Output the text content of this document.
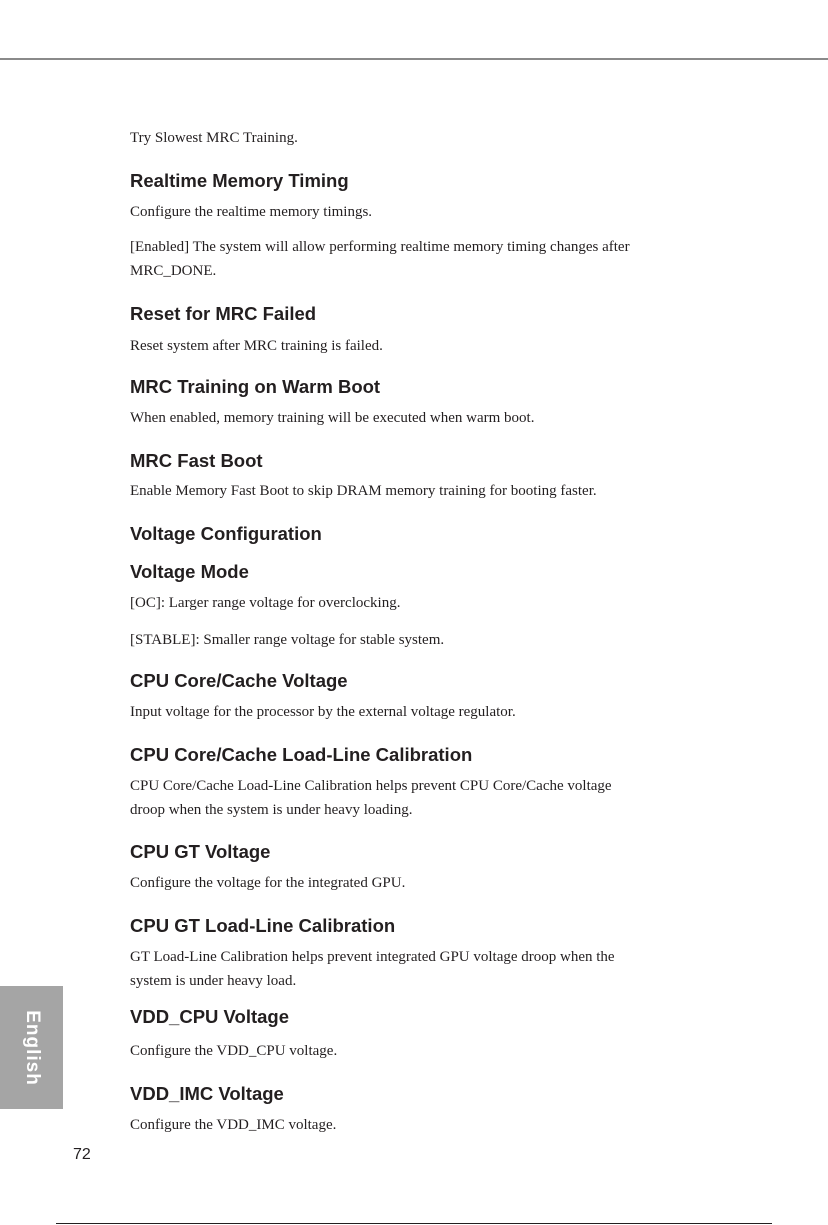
Try Slowest MRC Training.

Realtime Memory Timing

Configure the realtime memory timings.

[Enabled] The system will allow performing realtime memory timing changes after

MRC_DONE.

Reset for MRC Failed

Reset system after MRC training is failed.

MRC Training on Warm Boot

When enabled, memory training will be executed when warm boot.

MRC Fast Boot

Enable Memory Fast Boot to skip DRAM memory training for booting faster.

Voltage Configuration
Voltage Mode

[OC]: Larger range voltage for overclocking.

[STABLE]: Smaller range voltage for stable system.

CPU Core/Cache Voltage

Input voltage for the processor by the external voltage regulator.

CPU Core/Cache Load-Line Calibration

CPU Core/Cache Load-Line Calibration helps prevent CPU Core/Cache voltage

droop when the system is under heavy loading.

CPU GT Voltage

Configure the voltage for the integrated GPU.

CPU GT Load-Line Calibration

GT Load-Line Calibration helps prevent integrated GPU voltage droop when the

system is under heavy load.

VDD_CPU Voltage

Configure the VDD_CPU voltage.

VDD_IMC Voltage

Configure the VDD_IMC voltage.

English
72
